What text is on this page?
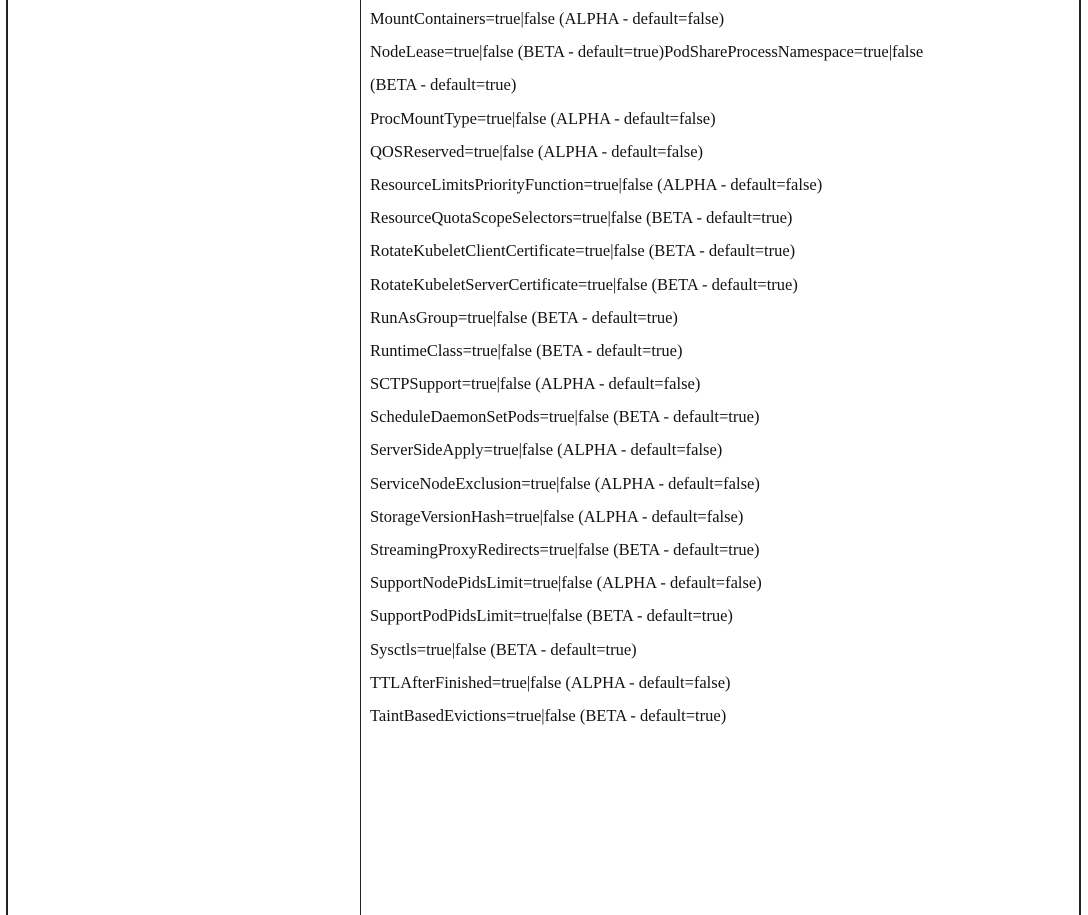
MountContainers=true|false (ALPHA - default=false)

NodeLease=true|false (BETA - default=true)PodShareProcessNamespace=true|false

(BETA - default=true)

ProcMountType=true|false (ALPHA - default=false)

QOSReserved=true|false (ALPHA - default=false)

ResourceLimitsPriorityFunction=true|false (ALPHA - default=false)

ResourceQuotaScopeSelectors=true|false (BETA - default=true)

RotateKubeletClientCertificate=true|false (BETA - default=true)

RotateKubeletServerCertificate=true|false (BETA - default=true)

RunAsGroup=true|false (BETA - default=true)

RuntimeClass=true|false (BETA - default=true)

SCTPSupport=true|false (ALPHA - default=false)

ScheduleDaemonSetPods=true|false (BETA - default=true)

ServerSideApply=true|false (ALPHA - default=false)

ServiceNodeExclusion=true|false (ALPHA - default=false)

StorageVersionHash=true|false (ALPHA - default=false)

StreamingProxyRedirects=true|false (BETA - default=true)

SupportNodePidsLimit=true|false (ALPHA - default=false)

SupportPodPidsLimit=true|false (BETA - default=true)

Sysctls=true|false (BETA - default=true)

TTLAfterFinished=true|false (ALPHA - default=false)

TaintBasedEvictions=true|false (BETA - default=true)
